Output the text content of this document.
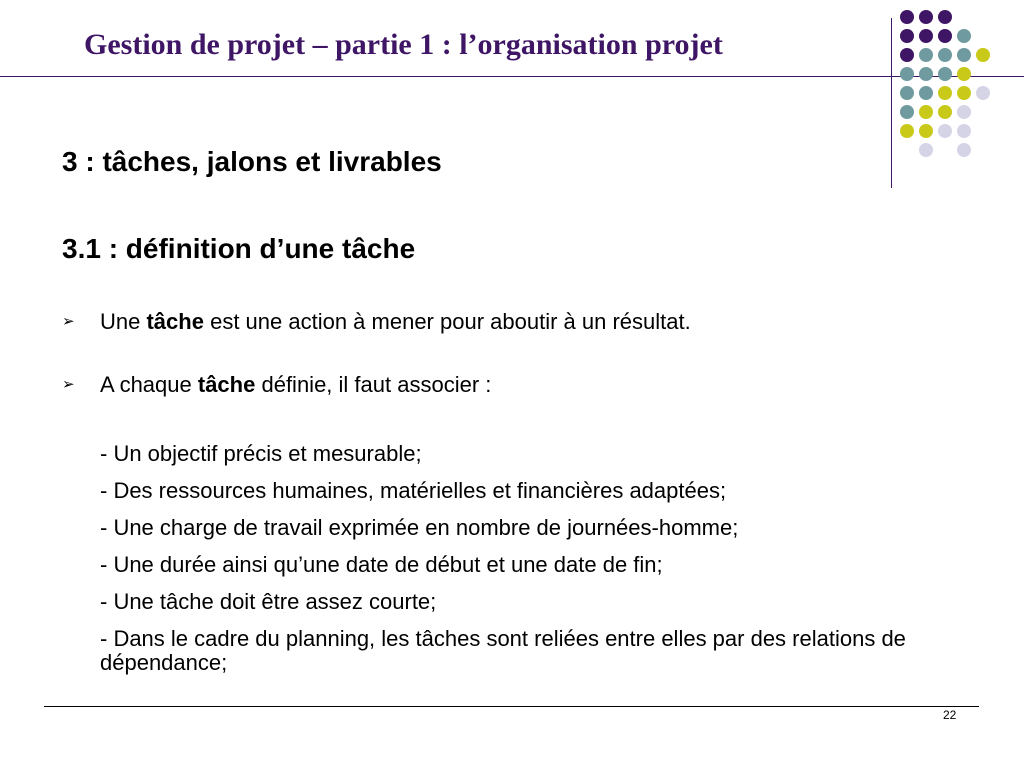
Gestion de projet – partie 1 : l’organisation projet
3 : tâches, jalons et livrables
3.1 : définition d’une tâche
➢ Une tâche est une action à mener pour aboutir à un résultat.
➢ A chaque tâche définie, il faut associer :
- Un objectif précis et mesurable;
- Des ressources humaines, matérielles et financières adaptées;
- Une charge de travail exprimée en nombre de journées-homme;
- Une durée ainsi qu’une date de début et une date de fin;
- Une tâche doit être assez courte;
- Dans le cadre du planning, les tâches sont reliées entre elles par des relations de dépendance;
22
